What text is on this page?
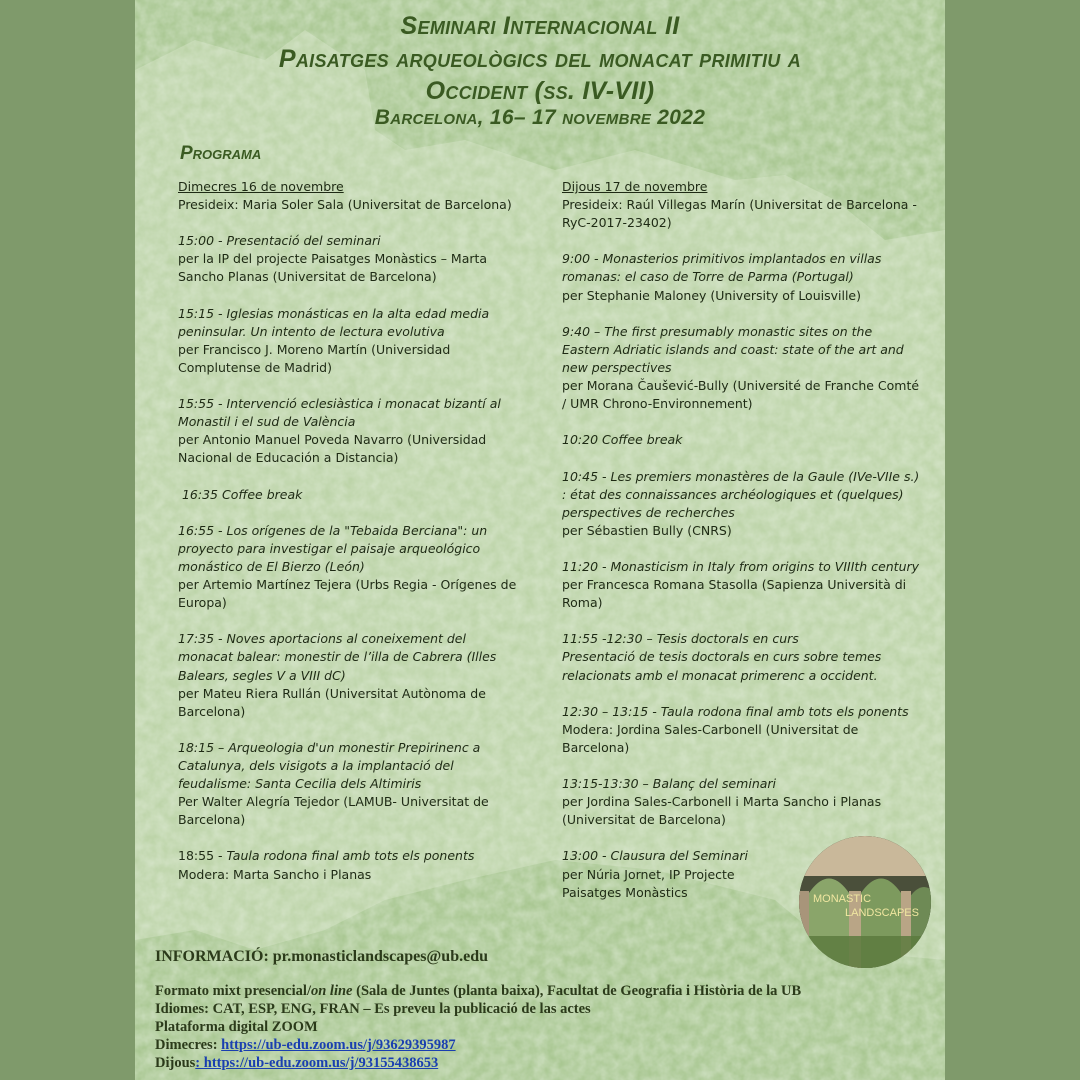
Seminari Internacional II
Paisatges arqueològics del monacat primitiu a
Occident (ss. IV-VII)
Barcelona, 16– 17 novembre 2022
Programa
Dimecres 16 de novembre
Presideix: Maria Soler Sala (Universitat de Barcelona)
15:00 - Presentació del seminari
per la IP del projecte Paisatges Monàstics – Marta Sancho Planas (Universitat de Barcelona)
15:15 - Iglesias monásticas en la alta edad media peninsular. Un intento de lectura evolutiva
per Francisco J. Moreno Martín (Universidad Complutense de Madrid)
15:55 - Intervenció eclesiàstica i monacat bizantí al Monastil i el sud de València
per Antonio Manuel Poveda Navarro (Universidad Nacional de Educación a Distancia)
16:35 Coffee break
16:55 - Los orígenes de la "Tebaida Berciana": un proyecto para investigar el paisaje arqueológico monástico de El Bierzo (León)
per Artemio Martínez Tejera (Urbs Regia - Orígenes de Europa)
17:35 - Noves aportacions al coneixement del monacat balear: monestir de l’illa de Cabrera (Illes Balears, segles V a VIII dC)
per Mateu Riera Rullán (Universitat Autònoma de Barcelona)
18:15 – Arqueologia d'un monestir Prepirinenc a Catalunya, dels visigots a la implantació del feudalisme: Santa Cecilia dels Altimiris
Per Walter Alegría Tejedor (LAMUB- Universitat de Barcelona)
18:55 - Taula rodona final amb tots els ponents
Modera: Marta Sancho i Planas
Dijous 17 de novembre
Presideix: Raúl Villegas Marín (Universitat de Barcelona - RyC-2017-23402)
9:00 - Monasterios primitivos implantados en villas romanas: el caso de Torre de Parma (Portugal)
per Stephanie Maloney (University of Louisville)
9:40 – The first presumably monastic sites on the Eastern Adriatic islands and coast: state of the art and new perspectives
per Morana Čaušević-Bully (Université de Franche Comté / UMR Chrono-Environnement)
10:20 Coffee break
10:45 - Les premiers monastères de la Gaule (IVe-VIIe s.) : état des connaissances archéologiques et (quelques) perspectives de recherches
per Sébastien Bully (CNRS)
11:20 - Monasticism in Italy from origins to VIIIth century
per Francesca Romana Stasolla (Sapienza Università di Roma)
11:55 -12:30 – Tesis doctorals en curs
Presentació de tesis doctorals en curs sobre temes relacionats amb el monacat primerenc a occident.
12:30 – 13:15 - Taula rodona final amb tots els ponents
Modera: Jordina Sales-Carbonell (Universitat de Barcelona)
13:15-13:30 – Balanç del seminari
per Jordina Sales-Carbonell i Marta Sancho i Planas (Universitat de Barcelona)
13:00 - Clausura del Seminari
per Núria Jornet, IP Projecte Paisatges Monàstics	MONASTIC
LANDSCAPES
INFORMACIÓ: pr.monasticlandscapes@ub.edu
Formato mixt presencial/on line (Sala de Juntes (planta baixa), Facultat de Geografia i Història de la UB
Idiomes: CAT, ESP, ENG, FRAN – Es preveu la publicació de las actes
Plataforma digital ZOOM
Dimecres: https://ub-edu.zoom.us/j/93629395987
Dijous: https://ub-edu.zoom.us/j/93155438653
